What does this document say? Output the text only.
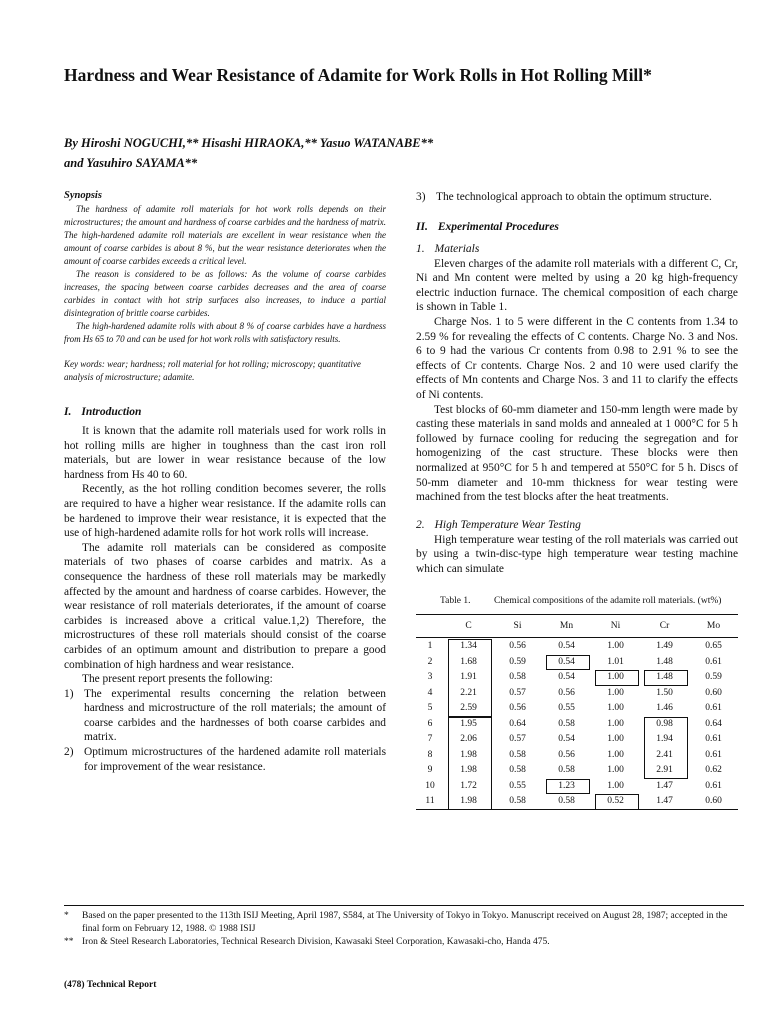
Hardness and Wear Resistance of Adamite for Work Rolls in Hot Rolling Mill*
By Hiroshi NOGUCHI,** Hisashi HIRAOKA,** Yasuo WATANABE**
and Yasuhiro SAYAMA**
Synopsis

The hardness of adamite roll materials for hot work rolls depends on their microstructures; the amount and hardness of coarse carbides and the hardness of matrix. The high-hardened adamite roll materials are excellent in wear resistance when the amount of coarse carbides is about 8 %, but the wear resistance deteriorates when the amount of coarse carbides exceeds a critical level.

The reason is considered to be as follows: As the volume of coarse carbides increases, the spacing between coarse carbides decreases and the area of coarse carbides in contact with hot strip surfaces also increases, to induce a partial disintegration of brittle coarse carbides.

The high-hardened adamite rolls with about 8 % of coarse carbides have a hardness from Hs 65 to 70 and can be used for hot work rolls with satisfactory results.

Key words: wear; hardness; roll material for hot rolling; microscopy; quantitative analysis of microstructure; adamite.
I. Introduction

It is known that the adamite roll materials used for work rolls in hot rolling mills are higher in toughness than the cast iron roll materials, but are lower in wear resistance because of the low hardness from Hs 40 to 60.

Recently, as the hot rolling condition becomes severer, the rolls are required to have a higher wear resistance. If the adamite rolls can be hardened to improve their wear resistance, it is expected that the use of high-hardened adamite rolls for hot work rolls will increase.

The adamite roll materials can be considered as composite materials of two phases of coarse carbides and matrix. As a consequence the hardness of these roll materials may be markedly affected by the amount and hardness of coarse carbides. However, the wear resistance of roll materials deteriorates, if the amount of coarse carbides is increased above a critical value.1,2) Therefore, the microstructures of these roll materials should consist of the coarse carbides of an optimum amount and distribution to prepare a good combination of high hardness and wear resistance.

The present report presents the following:

1) The experimental results concerning the relation between hardness and microstructure of the roll materials; the amount of coarse carbides and the hardnesses of both coarse carbides and matrix.

2) Optimum microstructures of the hardened adamite roll materials for improvement of the wear resistance.

3) The technological approach to obtain the optimum structure.

II. Experimental Procedures
1. Materials

Eleven charges of the adamite roll materials with a different C, Cr, Ni and Mn content were melted by using a 20 kg high-frequency electric induction furnace. The chemical composition of each charge is shown in Table 1.

Charge Nos. 1 to 5 were different in the C contents from 1.34 to 2.59 % for revealing the effects of C contents. Charge No. 3 and Nos. 6 to 9 had the various Cr contents from 0.98 to 2.91 % to see the effects of Cr contents. Charge Nos. 2 and 10 were used clarify the effects of Mn contents and Charge Nos. 3 and 11 to clarify the effects of Ni contents.

Test blocks of 60-mm diameter and 150-mm length were made by casting these materials in sand molds and annealed at 1 000°C for 5 h followed by furnace cooling for reducing the segregation and for homogenizing of the cast structure. These blocks were then normalized at 950°C for 5 h and tempered at 550°C for 5 h. Discs of 50-mm diameter and 10-mm thickness for wear testing were machined from the test blocks after the heat treatments.

2. High Temperature Wear Testing

High temperature wear testing of the roll materials was carried out by using a twin-disc-type high temperature wear testing machine which can simulate

Table 1. Chemical compositions of the adamite roll materials. (wt%)
	C	Si	Mn	Ni	Cr	Mo
1	1.34	0.56	0.54	1.00	1.49	0.65
2	1.68	0.59	0.54	1.01	1.48	0.61
3	1.91	0.58	0.54	1.00	1.48	0.59
4	2.21	0.57	0.56	1.00	1.50	0.60
5	2.59	0.56	0.55	1.00	1.46	0.61
6	1.95	0.64	0.58	1.00	0.98	0.64
7	2.06	0.57	0.54	1.00	1.94	0.61
8	1.98	0.58	0.56	1.00	2.41	0.61
9	1.98	0.58	0.58	1.00	2.91	0.62
10	1.72	0.55	1.23	1.00	1.47	0.61
11	1.98	0.58	0.58	0.52	1.47	0.60

* Based on the paper presented to the 113th ISIJ Meeting, April 1987, S584, at The University of Tokyo in Tokyo. Manuscript received on August 28, 1987; accepted in the final form on February 12, 1988. © 1988 ISIJ

** Iron & Steel Research Laboratories, Technical Research Division, Kawasaki Steel Corporation, Kawasaki-cho, Handa 475.

(478) Technical Report
